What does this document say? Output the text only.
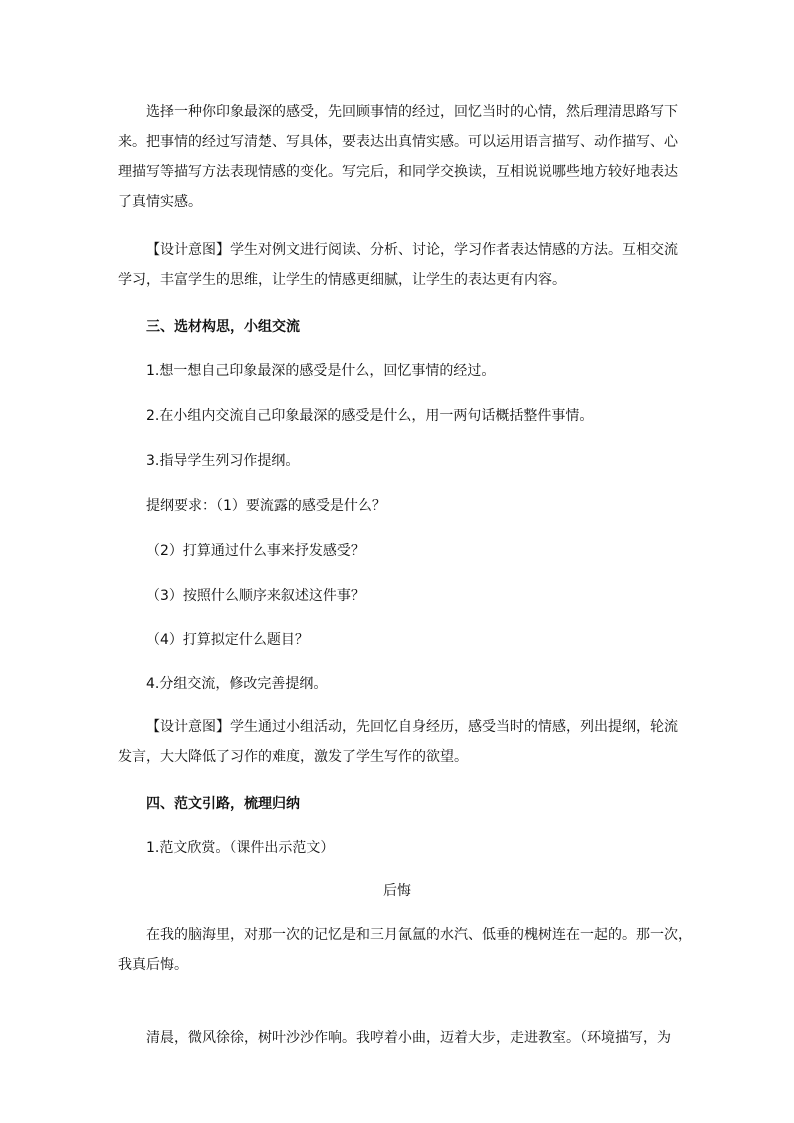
选择一种你印象最深的感受，先回顾事情的经过，回忆当时的心情，然后理清思路写下
来。把事情的经过写清楚、写具体，要表达出真情实感。可以运用语言描写、动作描写、心
理描写等描写方法表现情感的变化。写完后，和同学交换读，互相说说哪些地方较好地表达
了真情实感。
【设计意图】学生对例文进行阅读、分析、讨论，学习作者表达情感的方法。互相交流
学习，丰富学生的思维，让学生的情感更细腻，让学生的表达更有内容。

三、选材构思，小组交流

1.想一想自己印象最深的感受是什么，回忆事情的经过。

2.在小组内交流自己印象最深的感受是什么，用一两句话概括整件事情。

3.指导学生列习作提纲。

提纲要求：（1）要流露的感受是什么？

（2）打算通过什么事来抒发感受？

（3）按照什么顺序来叙述这件事？

（4）打算拟定什么题目？

4.分组交流，修改完善提纲。

【设计意图】学生通过小组活动，先回忆自身经历，感受当时的情感，列出提纲，轮流
发言，大大降低了习作的难度，激发了学生写作的欲望。

四、范文引路，梳理归纳

1.范文欣赏。（课件出示范文）

后悔

在我的脑海里，对那一次的记忆是和三月氤氲的水汽、低垂的槐树连在一起的。那一次，
我真后悔。
清晨，微风徐徐，树叶沙沙作响。我哼着小曲，迈着大步，走进教室。（环境描写，为
